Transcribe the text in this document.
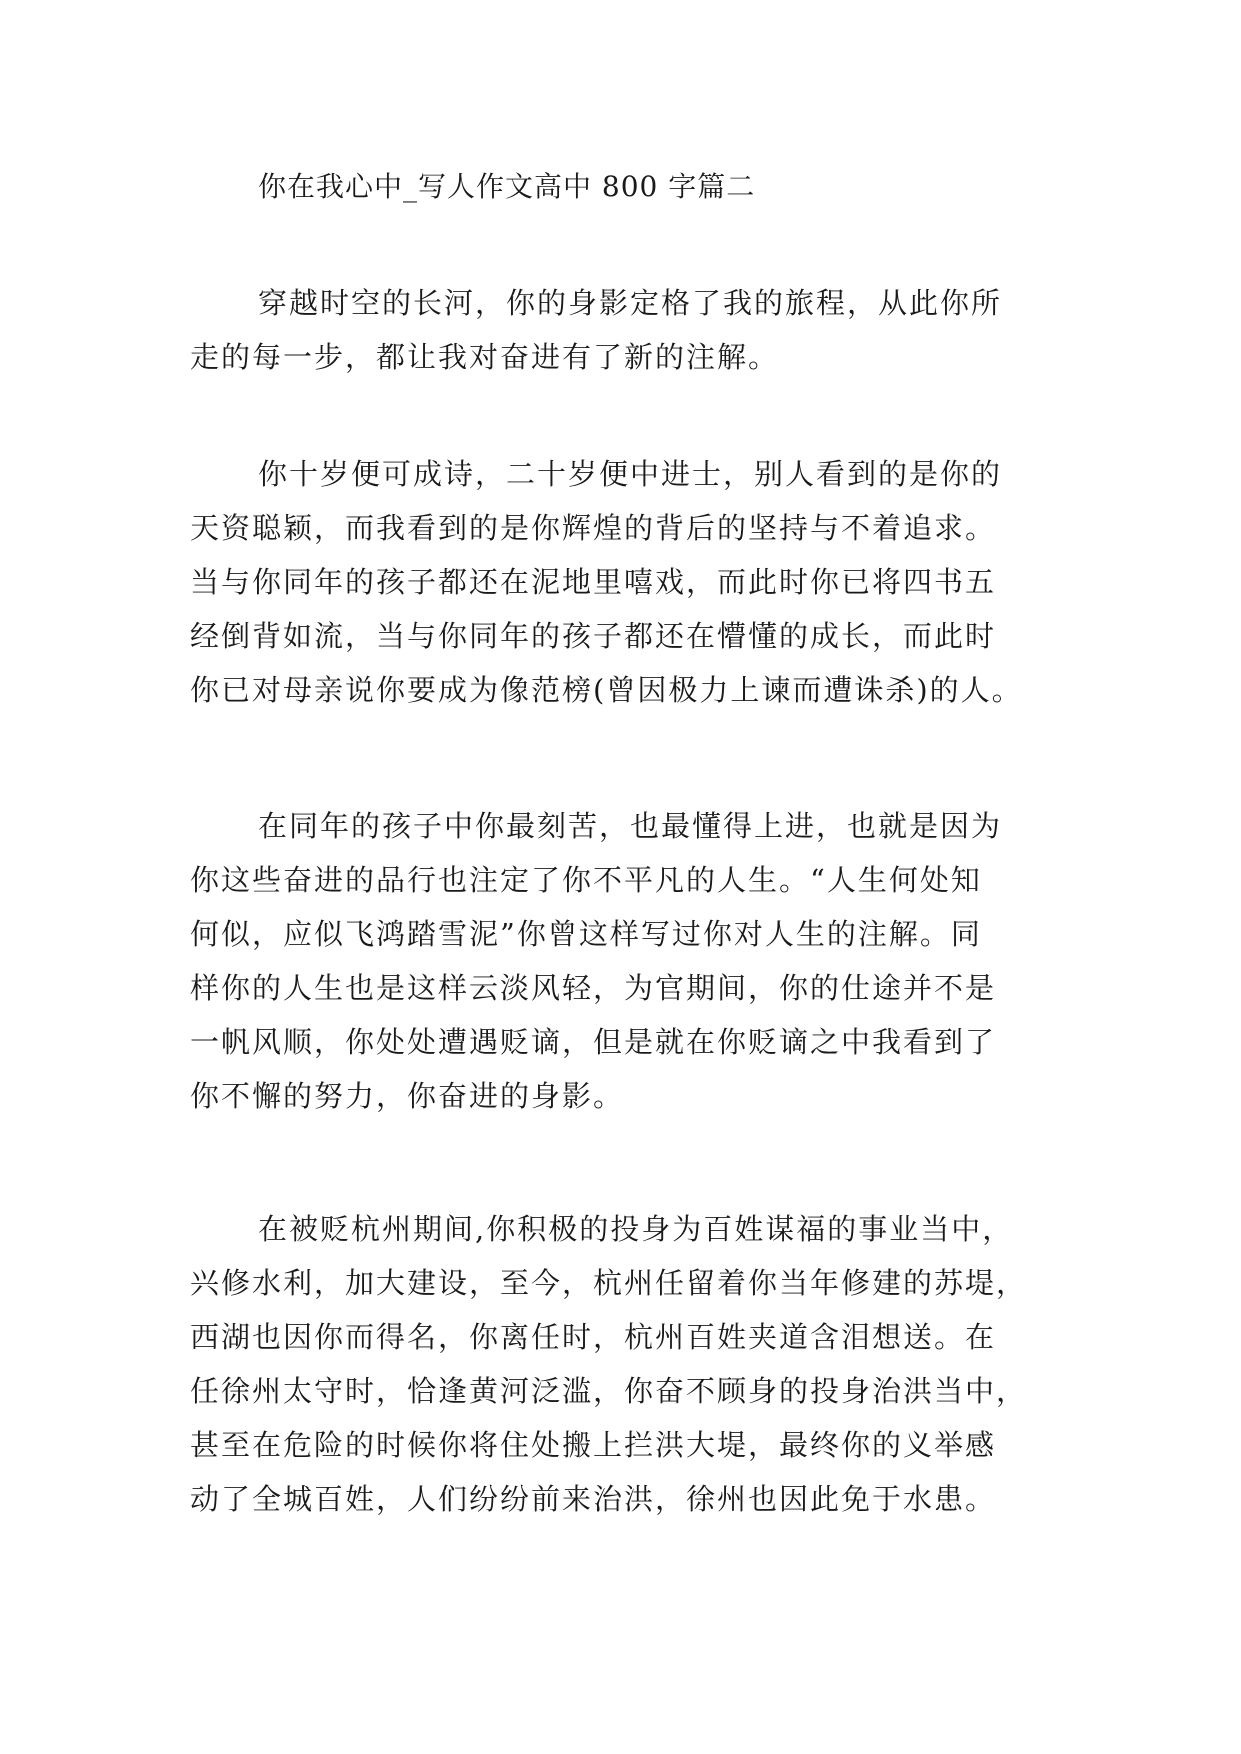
你在我心中_写人作文高中 800 字篇二
穿越时空的长河，你的身影定格了我的旅程，从此你所
走的每一步，都让我对奋进有了新的注解。
你十岁便可成诗，二十岁便中进士，别人看到的是你的
天资聪颖，而我看到的是你辉煌的背后的坚持与不着追求。
当与你同年的孩子都还在泥地里嘻戏，而此时你已将四书五
经倒背如流，当与你同年的孩子都还在懵懂的成长，而此时
你已对母亲说你要成为像范榜(曾因极力上谏而遭诛杀)的人。
在同年的孩子中你最刻苦，也最懂得上进，也就是因为
你这些奋进的品行也注定了你不平凡的人生。“人生何处知
何似，应似飞鸿踏雪泥”你曾这样写过你对人生的注解。同
样你的人生也是这样云淡风轻，为官期间，你的仕途并不是
一帆风顺，你处处遭遇贬谪，但是就在你贬谪之中我看到了
你不懈的努力，你奋进的身影。
在被贬杭州期间,你积极的投身为百姓谋福的事业当中，
兴修水利，加大建设，至今，杭州任留着你当年修建的苏堤，
西湖也因你而得名，你离任时，杭州百姓夹道含泪想送。在
任徐州太守时，恰逢黄河泛滥，你奋不顾身的投身治洪当中，
甚至在危险的时候你将住处搬上拦洪大堤，最终你的义举感
动了全城百姓，人们纷纷前来治洪，徐州也因此免于水患。
